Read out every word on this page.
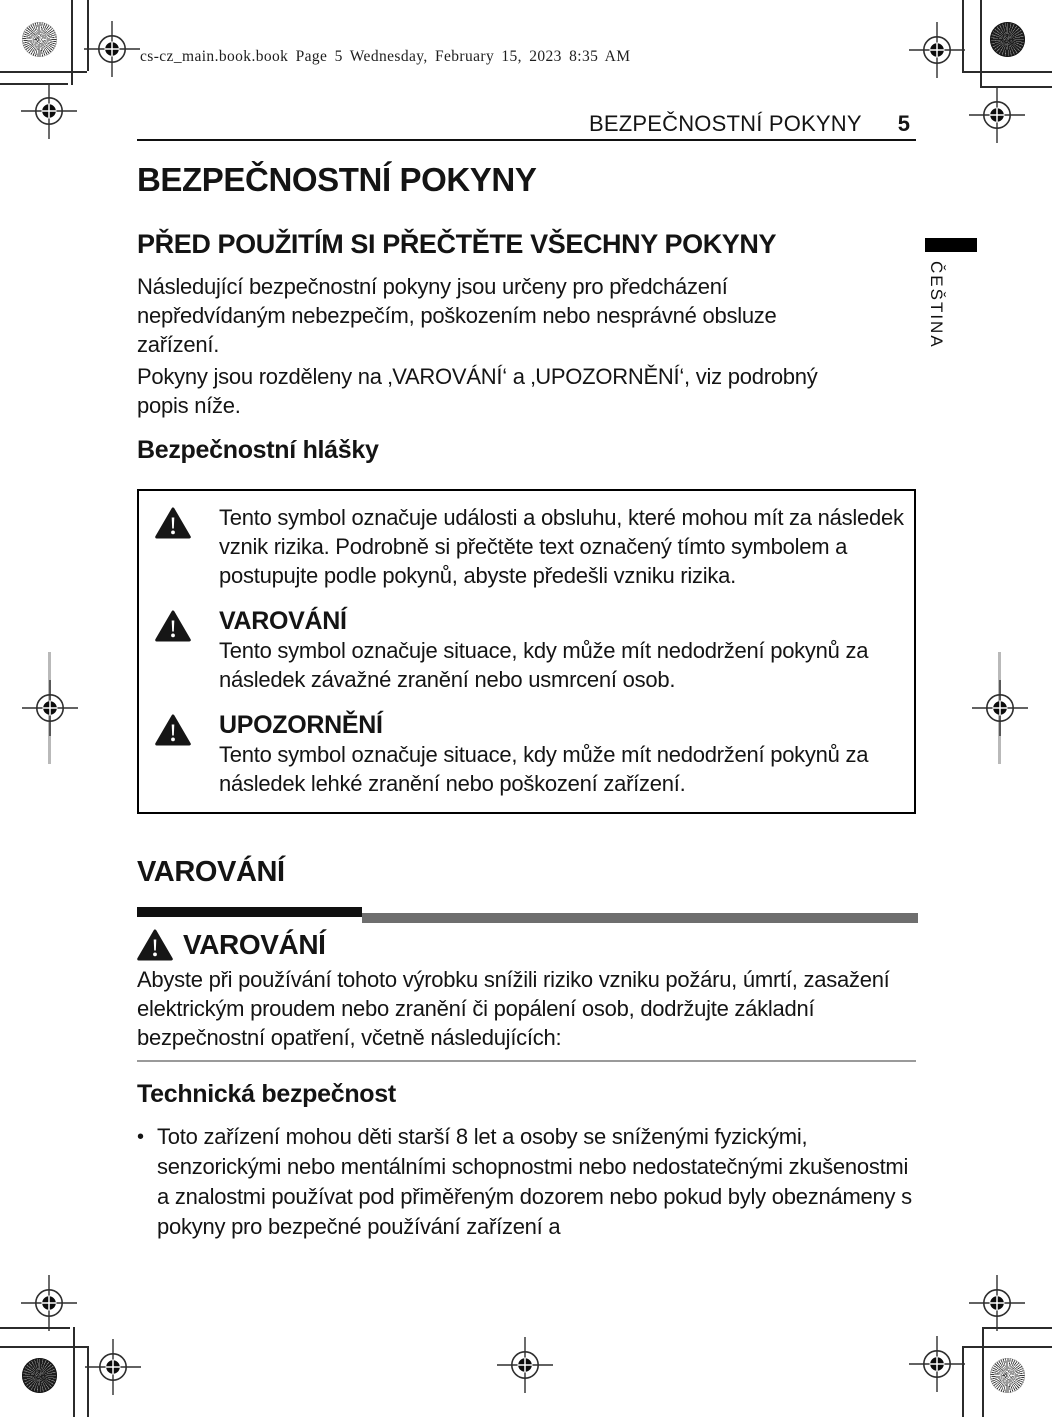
cs-cz_main.book.book Page 5 Wednesday, February 15, 2023 8:35 AM
ČEŠTINA
BEZPEČNOSTNÍ POKYNY 5
BEZPEČNOSTNÍ POKYNY
PŘED POUŽITÍM SI PŘEČTĚTE VŠECHNY POKYNY
Následující bezpečnostní pokyny jsou určeny pro předcházení nepředvídaným nebezpečím, poškozením nebo nesprávné obsluze zařízení.
Pokyny jsou rozděleny na ‚VAROVÁNÍ‘ a ‚UPOZORNĚNÍ‘, viz podrobný popis níže.
Bezpečnostní hlášky
Tento symbol označuje události a obsluhu, které mohou mít za následek vznik rizika. Podrobně si přečtěte text označený tímto symbolem a postupujte podle pokynů, abyste předešli vzniku rizika.
VAROVÁNÍ
Tento symbol označuje situace, kdy může mít nedodržení pokynů za následek závažné zranění nebo usmrcení osob.
UPOZORNĚNÍ
Tento symbol označuje situace, kdy může mít nedodržení pokynů za následek lehké zranění nebo poškození zařízení.
VAROVÁNÍ
VAROVÁNÍ
Abyste při používání tohoto výrobku snížili riziko vzniku požáru, úmrtí, zasažení elektrickým proudem nebo zranění či popálení osob, dodržujte základní bezpečnostní opatření, včetně následujících:
Technická bezpečnost
• Toto zařízení mohou děti starší 8 let a osoby se sníženými fyzickými, senzorickými nebo mentálními schopnostmi nebo nedostatečnými zkušenostmi a znalostmi používat pod přiměřeným dozorem nebo pokud byly obeznámeny s pokyny pro bezpečné používání zařízení a
